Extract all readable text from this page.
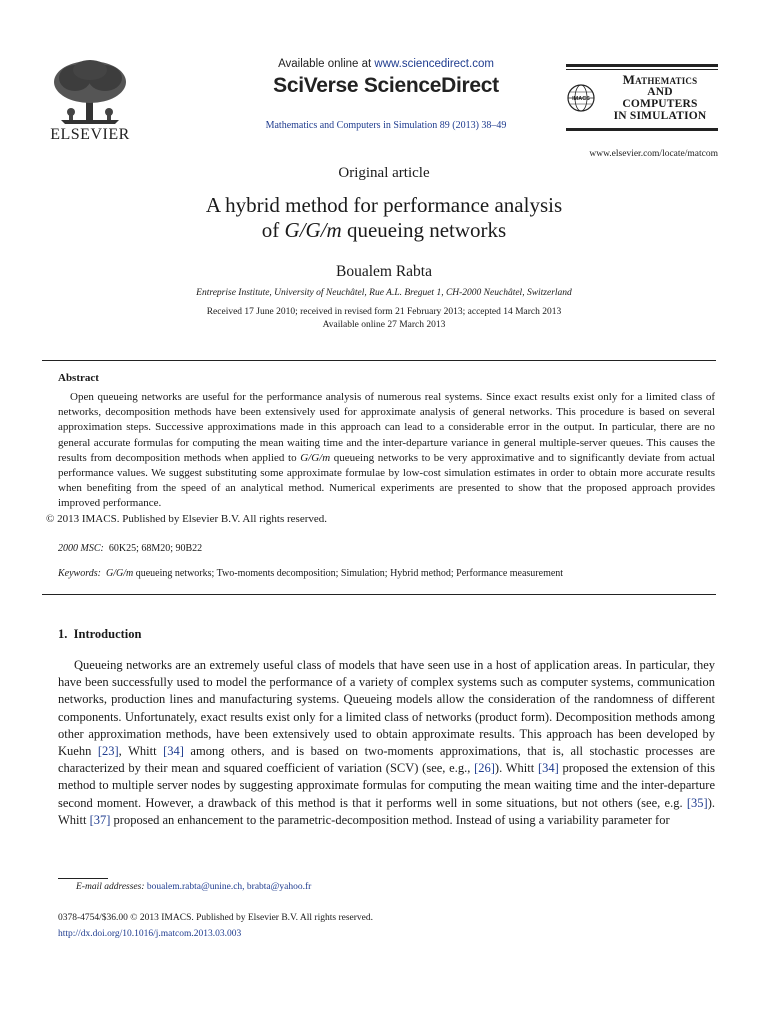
ELSEVIER
Available online at www.sciencedirect.com
SciVerse ScienceDirect
Mathematics and Computers in Simulation 89 (2013) 38–49
IMACS
Mathematics
AND
COMPUTERS
IN SIMULATION
www.elsevier.com/locate/matcom
Original article
A hybrid method for performance analysis
of G/G/m queueing networks
Boualem Rabta
Entreprise Institute, University of Neuchâtel, Rue A.L. Breguet 1, CH-2000 Neuchâtel, Switzerland
Received 17 June 2010; received in revised form 21 February 2013; accepted 14 March 2013
Available online 27 March 2013
Abstract
Open queueing networks are useful for the performance analysis of numerous real systems. Since exact results exist only for a limited class of networks, decomposition methods have been extensively used for approximate analysis of general networks. This procedure is based on several approximation steps. Successive approximations made in this approach can lead to a considerable error in the output. In particular, there are no general accurate formulas for computing the mean waiting time and the inter-departure variance in general multiple-server queues. This causes the results from decomposition methods when applied to G/G/m queueing networks to be very approximative and to significantly deviate from actual performance values. We suggest substituting some approximate formulae by low-cost simulation estimates in order to obtain more accurate results when benefiting from the speed of an analytical method. Numerical experiments are presented to show that the proposed approach provides improved performance.
© 2013 IMACS. Published by Elsevier B.V. All rights reserved.
2000 MSC:  60K25; 68M20; 90B22
Keywords:  G/G/m queueing networks; Two-moments decomposition; Simulation; Hybrid method; Performance measurement
1.  Introduction
Queueing networks are an extremely useful class of models that have seen use in a host of application areas. In particular, they have been successfully used to model the performance of a variety of complex systems such as computer systems, communication networks, production lines and manufacturing systems. Queueing models allow the consideration of the randomness of different components. Unfortunately, exact results exist only for a limited class of networks (product form). Decomposition methods among other approximation methods, have been extensively used to obtain approximate results. This approach has been developed by Kuehn [23], Whitt [34] among others, and is based on two-moments approximations, that is, all stochastic processes are characterized by their mean and squared coefficient of variation (SCV) (see, e.g., [26]). Whitt [34] proposed the extension of this method to multiple server nodes by suggesting approximate formulas for computing the mean waiting time and the inter-departure second moment. However, a drawback of this method is that it performs well in some situations, but not others (see, e.g. [35]). Whitt [37] proposed an enhancement to the parametric-decomposition method. Instead of using a variability parameter for
E-mail addresses: boualem.rabta@unine.ch, brabta@yahoo.fr
0378-4754/$36.00 © 2013 IMACS. Published by Elsevier B.V. All rights reserved.
http://dx.doi.org/10.1016/j.matcom.2013.03.003
